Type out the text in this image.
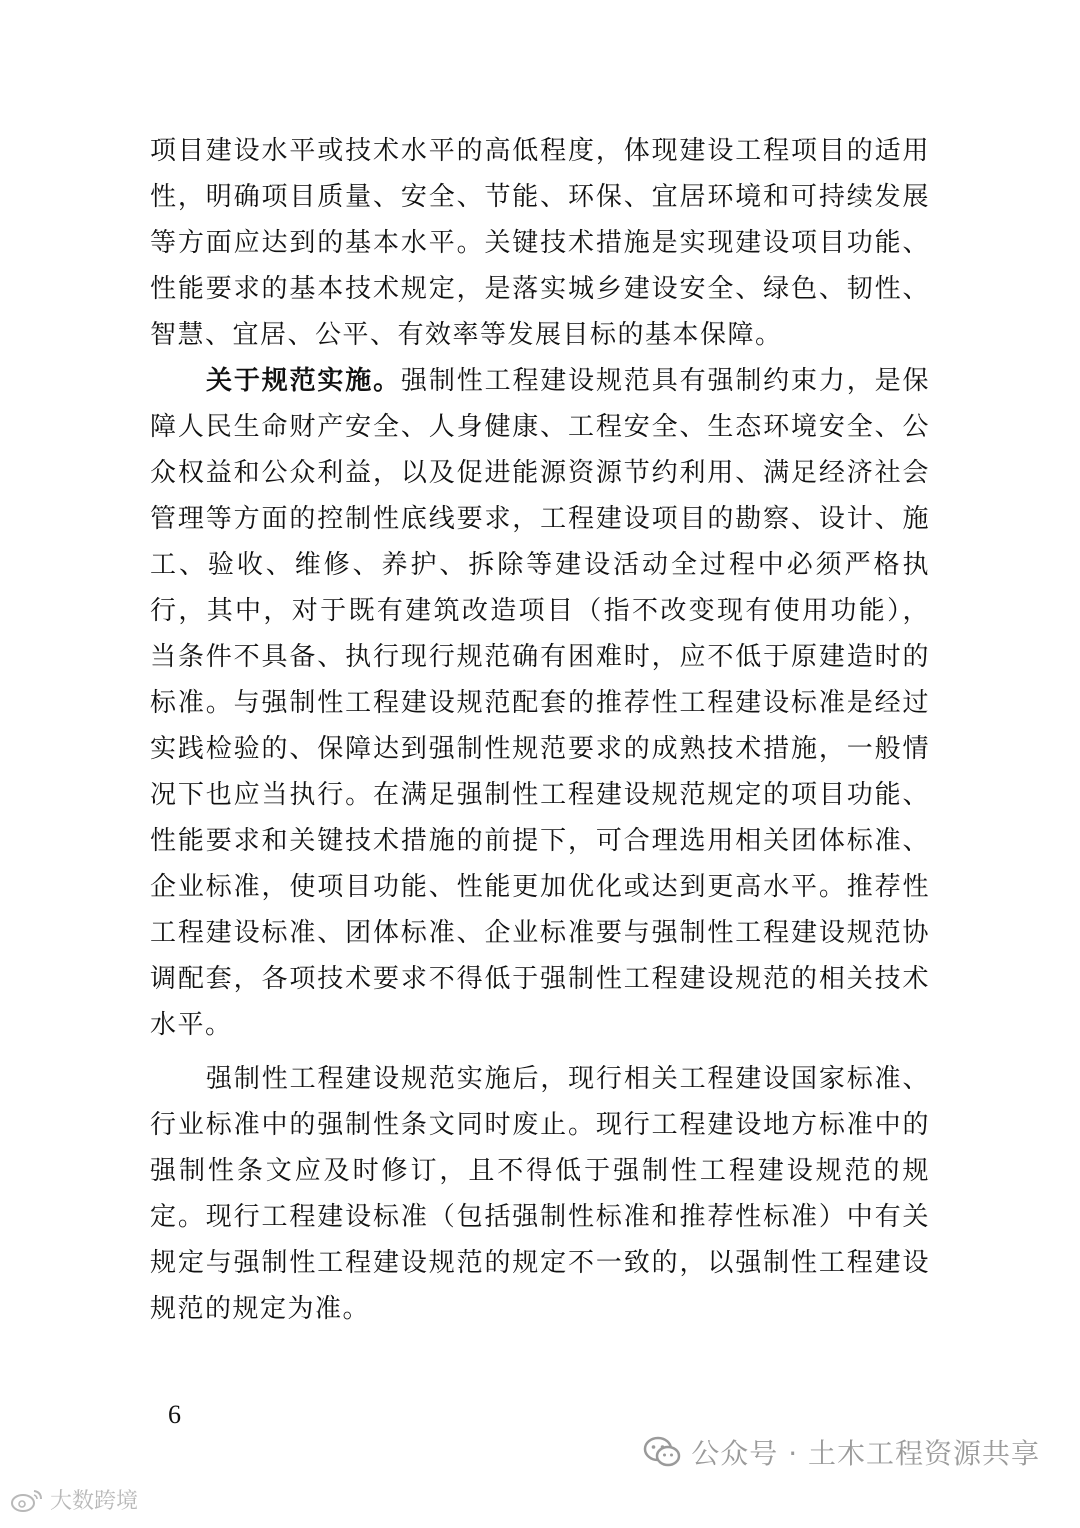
项目建设水平或技术水平的高低程度，体现建设工程项目的适用性，明确项目质量、安全、节能、环保、宜居环境和可持续发展等方面应达到的基本水平。关键技术措施是实现建设项目功能、性能要求的基本技术规定，是落实城乡建设安全、绿色、韧性、智慧、宜居、公平、有效率等发展目标的基本保障。

关于规范实施。强制性工程建设规范具有强制约束力，是保障人民生命财产安全、人身健康、工程安全、生态环境安全、公众权益和公众利益，以及促进能源资源节约利用、满足经济社会管理等方面的控制性底线要求，工程建设项目的勘察、设计、施工、验收、维修、养护、拆除等建设活动全过程中必须严格执行，其中，对于既有建筑改造项目（指不改变现有使用功能），当条件不具备、执行现行规范确有困难时，应不低于原建造时的标准。与强制性工程建设规范配套的推荐性工程建设标准是经过实践检验的、保障达到强制性规范要求的成熟技术措施，一般情况下也应当执行。在满足强制性工程建设规范规定的项目功能、性能要求和关键技术措施的前提下，可合理选用相关团体标准、企业标准，使项目功能、性能更加优化或达到更高水平。推荐性工程建设标准、团体标准、企业标准要与强制性工程建设规范协调配套，各项技术要求不得低于强制性工程建设规范的相关技术水平。

强制性工程建设规范实施后，现行相关工程建设国家标准、行业标准中的强制性条文同时废止。现行工程建设地方标准中的强制性条文应及时修订，且不得低于强制性工程建设规范的规定。现行工程建设标准（包括强制性标准和推荐性标准）中有关规定与强制性工程建设规范的规定不一致的，以强制性工程建设规范的规定为准。

6
公众号 · 土木工程资源共享
大数跨境
